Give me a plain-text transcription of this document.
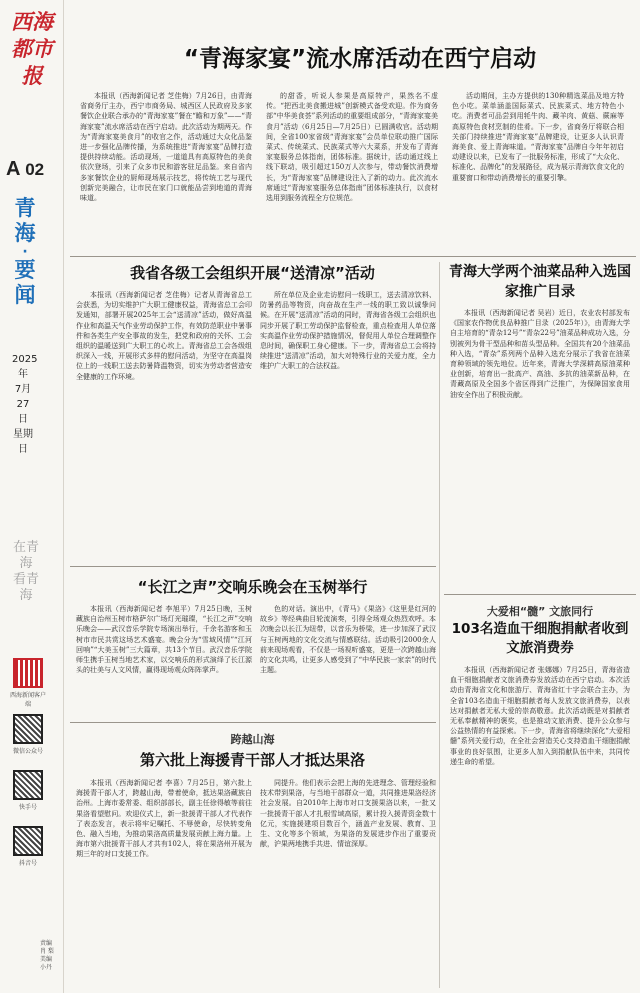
西海都市报
A 02
青海
·
要闻
2025年
7月
27日
星期日
在青海 看青海
西海新闻客户端
微信公众号
快手号
抖音号
责编 肖 梨 美编 小丹
“青海家宴”流水席活动在西宁启动
本报讯（西海新闻记者 芝佳梅）7月26日，由青海省商务厅主办，西宁市商务局、城西区人民政府及多家餐饮企业联合承办的“青海家宴”餐在“瞻和万象”——“青海家宴”流水席活动在西宁启动。此次活动为期两天。作为“青海家宴美食月”的收官之作，活动通过大众化品鉴进一步强化品牌传播，为系统推进“青海家宴”品牌打造提供持续动能。活动现场，一道道具有高原特色的美食依次登场，引来了众多市民和游客驻足品鉴。来自省内多家餐饮企业的厨师现场展示技艺，将传统工艺与现代创新完美融合，让市民在家门口就能品尝到地道的青海味道。
的甜香，听说人参果是高原特产，果然名不虚传。“把西北美食搬进城”创新模式备受欢迎。作为商务部“中华美食荟”系列活动的重要组成部分，“青海家宴美食月”活动（6月25日—7月25日）已圆满收官。活动期间，全省100家省级“青海家宴”会员单位联动推广国际菜式、传统菜式、民族菜式等六大菜系，并发布了青海家宴服务总体指南，团体标准。据统计，活动通过线上线下联动，吸引超过150万人次参与，带动餐饮消费增长，为“青海家宴”品牌建设注入了新的动力。此次流水席通过“青海家宴服务总体指南”团体标准执行，以食材选用到服务流程全方位规范。
活动期间，主办方提供的130种精选菜品及地方特色小吃。菜单涵盖国际菜式、民族菜式、地方特色小吃。消费者可品尝到用牦牛肉、藏羊肉、黄菇、蕨麻等高原特色食材烹制的佳肴。下一步，省商务厅将联合相关部门持续推进“青海家宴”品牌建设，让更多人认识青海美食、爱上青海味道。“青海家宴”品牌自今年年初启动建设以来，已发布了一批服务标准，形成了“大众化、标准化、品牌化”的发展路径，成为展示青海饮食文化的重要窗口和带动消费增长的重要引擎。
我省各级工会组织开展“送清凉”活动
本报讯（西海新闻记者 芝佳梅）记者从青海省总工会获悉，为切实维护广大职工健康权益，青海省总工会印发通知，部署开展2025年工会“送清凉”活动，做好高温作业和高温天气作业劳动保护工作，有效防范职业中暑事件和各类生产安全事故的发生，把党和政府的关怀、工会组织的温暖送到广大职工的心坎上。青海省总工会各级组织深入一线，开展形式多样的慰问活动，为坚守在高温岗位上的一线职工送去防暑降温物资，切实为劳动者营造安全健康的工作环境。
所在单位及企业走访慰问一线职工，送去清凉饮料、防暑药品等物资，向奋战在生产一线的职工致以诚挚问候。在开展“送清凉”活动的同时，青海省各级工会组织也同步开展了职工劳动保护监督检查，重点检查用人单位落实高温作业劳动保护措施情况，督促用人单位合理调整作息时间，确保职工身心健康。下一步，青海省总工会将持续推进“送清凉”活动，加大对特殊行业的关爱力度，全力维护广大职工的合法权益。
青海大学两个油菜品种入选国家推广目录
本报讯（西海新闻记者 吴岩）近日，农业农村部发布《国家农作物优良品种推广目录（2025年）》，由青海大学自主培育的“青杂12号”“青杂22号”油菜品种成功入选，分别被列为骨干型品种和苗头型品种。全国共有20个油菜品种入选，“青杂”系列两个品种入选充分展示了我省在油菜育种领域的领先地位。近年来，青海大学深耕高原油菜种业创新，培育出一批高产、高油、多抗的油菜新品种，在青藏高原及全国多个省区得到广泛推广，为保障国家食用油安全作出了积极贡献。
“长江之声”交响乐晚会在玉树举行
本报讯（西海新闻记者 李旭平）7月25日晚，玉树藏族自治州玉树市格萨尔广场灯光璀璨，“长江之声”交响乐晚会——武汉音乐学院专场演出举行，千余名游客和玉树市市民共赏这场艺术盛宴。晚会分为“雪域风情”“江河回响”“大美玉树”三大篇章，共13个节目。武汉音乐学院师生携手玉树当地艺术家，以交响乐的形式演绎了长江源头的壮美与人文风情，赢得现场观众阵阵掌声。
色的对话。演出中，《青马》《果洛》《这里是红河的故乡》等经典曲目轮流演奏，引得全场观众热烈欢呼。本次晚会以长江为纽带，以音乐为桥梁，进一步加深了武汉与玉树两地的文化交流与情感联结。活动吸引2000余人前来现场观看，不仅是一场视听盛宴，更是一次跨越山海的文化共鸣，让更多人感受到了“中华民族一家亲”的时代主题。
跨越山海
第六批上海援青干部人才抵达果洛
本报讯（西海新闻记者 李喜）7月25日，第六批上海援青干部人才，跨越山海，带着使命，抵达果洛藏族自治州。上海市委常委、组织部部长，副主任徐得敏等前往果洛看望慰问。欢迎仪式上，新一批援青干部人才代表作了表态发言，表示将牢记嘱托、不辱使命，尽快转变角色、融入当地，为推动果洛高质量发展贡献上海力量。上海市第六批援青干部人才共有102人，将在果洛州开展为期三年的对口支援工作。
同提升。他们表示会把上海的先进理念、管理经验和技术带到果洛，与当地干部群众一道，共同推进果洛经济社会发展。自2010年上海市对口支援果洛以来，一批又一批援青干部人才扎根雪域高原，累计投入援青资金数十亿元，实施援建项目数百个，涵盖产业发展、教育、卫生、文化等多个领域，为果洛的发展进步作出了重要贡献，沪果两地携手共进、情谊深厚。
大爱相“髓” 文旅同行
103名造血干细胞捐献者收到文旅消费券
本报讯（西海新闻记者 张娜娜）7月25日，青海省造血干细胞捐献者文旅消费券发放活动在西宁启动。本次活动由青海省文化和旅游厅、青海省红十字会联合主办，为全省103名造血干细胞捐献者每人发放文旅消费券，以表达对捐献者无私大爱的崇高敬意。此次活动既是对捐献者无私奉献精神的褒奖，也是推动文旅消费、提升公众参与公益热情的有益探索。下一步，青海省将继续深化“大爱相髓”系列关爱行动，在全社会营造关心支持造血干细胞捐献事业的良好氛围，让更多人加入到捐献队伍中来，共同传递生命的希望。
